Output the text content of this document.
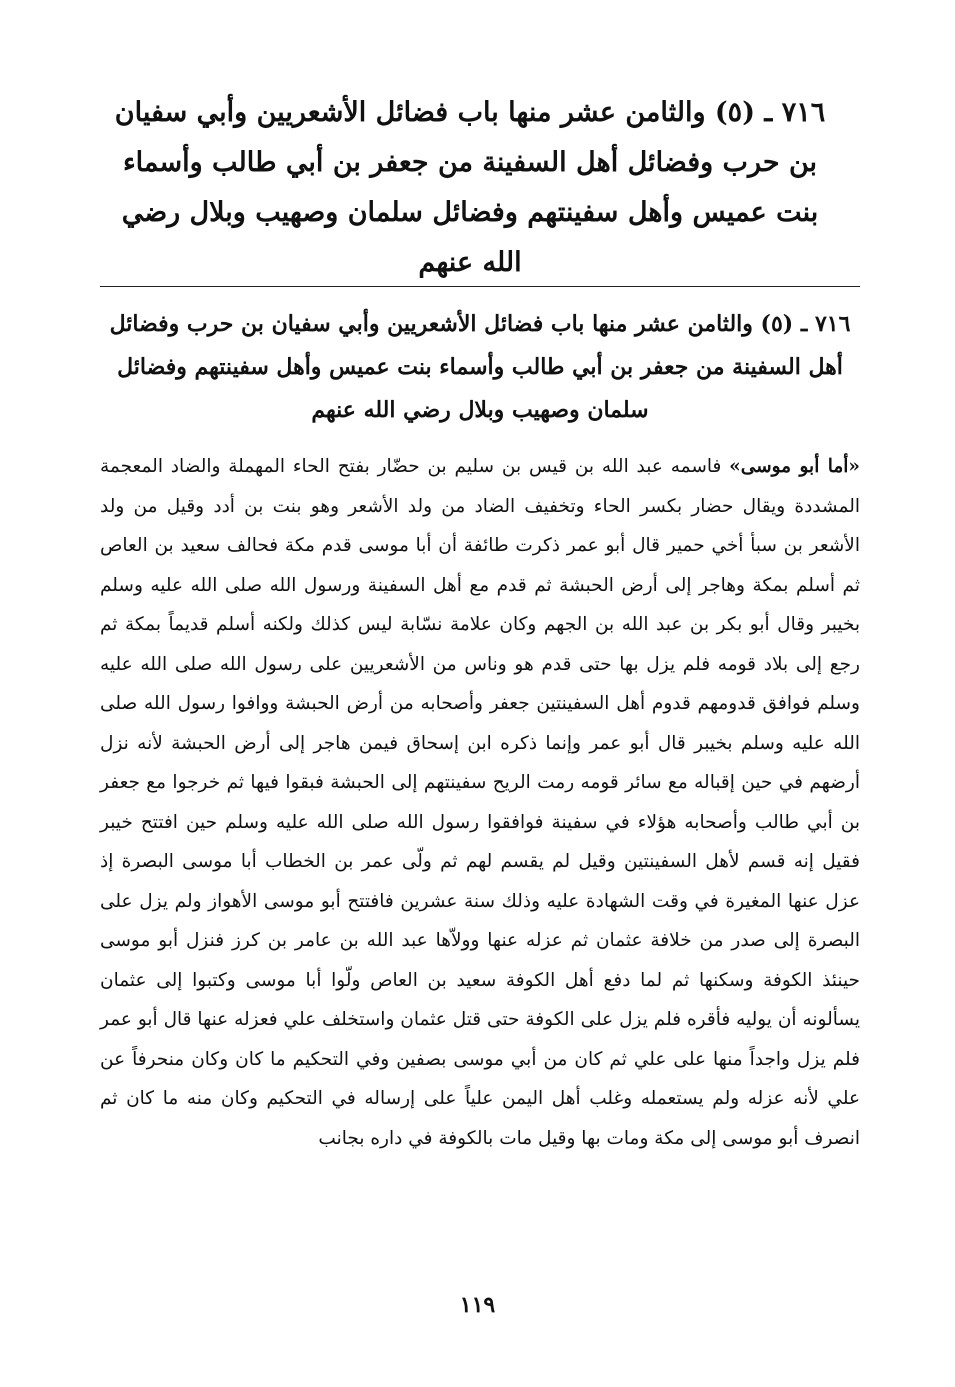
٧١٦ ـ (٥) والثامن عشر منها باب فضائل الأشعريين وأبي سفيان بن حرب وفضائل أهل السفينة من جعفر بن أبي طالب وأسماء بنت عميس وأهل سفينتهم وفضائل سلمان وصهيب وبلال رضي الله عنهم
٧١٦ ـ (٥) والثامن عشر منها باب فضائل الأشعريين وأبي سفيان بن حرب وفضائل أهل السفينة من جعفر بن أبي طالب وأسماء بنت عميس وأهل سفينتهم وفضائل سلمان وصهيب وبلال رضي الله عنهم

«أما أبو موسى» فاسمه عبد الله بن قيس بن سليم بن حضّار بفتح الحاء المهملة والضاد المعجمة المشددة ويقال حضار بكسر الحاء وتخفيف الضاد من ولد الأشعر وهو بنت بن أدد وقيل من ولد الأشعر بن سبأ أخي حمير قال أبو عمر ذكرت طائفة أن أبا موسى قدم مكة فحالف سعيد بن العاص ثم أسلم بمكة وهاجر إلى أرض الحبشة ثم قدم مع أهل السفينة ورسول الله صلى الله عليه وسلم بخيبر وقال أبو بكر بن عبد الله بن الجهم وكان علامة نسّابة ليس كذلك ولكنه أسلم قديماً بمكة ثم رجع إلى بلاد قومه فلم يزل بها حتى قدم هو وناس من الأشعريين على رسول الله صلى الله عليه وسلم فوافق قدومهم قدوم أهل السفينتين جعفر وأصحابه من أرض الحبشة ووافوا رسول الله صلى الله عليه وسلم بخيبر قال أبو عمر وإنما ذكره ابن إسحاق فيمن هاجر إلى أرض الحبشة لأنه نزل أرضهم في حين إقباله مع سائر قومه رمت الريح سفينتهم إلى الحبشة فبقوا فيها ثم خرجوا مع جعفر بن أبي طالب وأصحابه هؤلاء في سفينة فوافقوا رسول الله صلى الله عليه وسلم حين افتتح خيبر فقيل إنه قسم لأهل السفينتين وقيل لم يقسم لهم ثم ولّى عمر بن الخطاب أبا موسى البصرة إذ عزل عنها المغيرة في وقت الشهادة عليه وذلك سنة عشرين فافتتح أبو موسى الأهواز ولم يزل على البصرة إلى صدر من خلافة عثمان ثم عزله عنها وولاّها عبد الله بن عامر بن كرز فنزل أبو موسى حينئذ الكوفة وسكنها ثم لما دفع أهل الكوفة سعيد بن العاص ولّوا أبا موسى وكتبوا إلى عثمان يسألونه أن يوليه فأقره فلم يزل على الكوفة حتى قتل عثمان واستخلف علي فعزله عنها قال أبو عمر فلم يزل واجداً منها على علي ثم كان من أبي موسى بصفين وفي التحكيم ما كان وكان منحرفاً عن علي لأنه عزله ولم يستعمله وغلب أهل اليمن علياً على إرساله في التحكيم وكان منه ما كان ثم انصرف أبو موسى إلى مكة ومات بها وقيل مات بالكوفة في داره بجانب

١١٩
